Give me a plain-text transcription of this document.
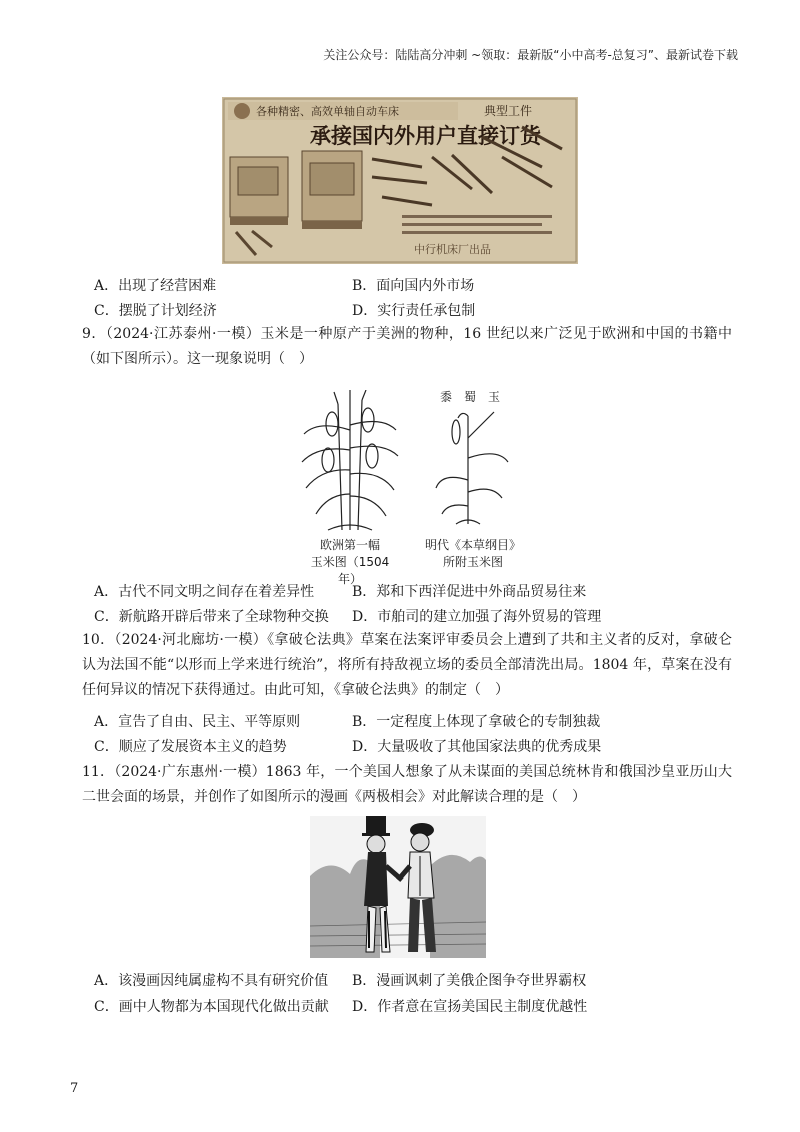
关注公众号：陆陆高分冲刺 ~领取：最新版“小中高考-总复习”、最新试卷下载
各种精密、高效单轴自动车床	典型工件
承接国内外用户直接订货
中行机床厂出品
A．出现了经营困难	B．面向国内外市场
C．摆脱了计划经济	D．实行责任承包制
9．（2024·江苏泰州·一模）玉米是一种原产于美洲的物种，16 世纪以来广泛见于欧洲和中国的书籍中（如下图所示）。这一现象说明（　）
黍　蜀　玉
欧洲第一幅
玉米图（1504 年）
明代《本草纲目》
所附玉米图
A．古代不同文明之间存在着差异性	B．郑和下西洋促进中外商品贸易往来
C．新航路开辟后带来了全球物种交换 D．市舶司的建立加强了海外贸易的管理
10．（2024·河北廊坊·一模）《拿破仑法典》草案在法案评审委员会上遭到了共和主义者的反对，拿破仑认为法国不能“以形而上学来进行统治”，将所有持敌视立场的委员全部清洗出局。1804 年，草案在没有任何异议的情况下获得通过。由此可知，《拿破仑法典》的制定（　）
A．宣告了自由、民主、平等原则	B．一定程度上体现了拿破仑的专制独裁
C．顺应了发展资本主义的趋势	D．大量吸收了其他国家法典的优秀成果
11．（2024·广东惠州·一模）1863 年，一个美国人想象了从未谋面的美国总统林肯和俄国沙皇亚历山大二世会面的场景，并创作了如图所示的漫画《两极相会》对此解读合理的是（　）
A．该漫画因纯属虚构不具有研究价值 B．漫画讽刺了美俄企图争夺世界霸权
C．画中人物都为本国现代化做出贡献 D．作者意在宣扬美国民主制度优越性
7
